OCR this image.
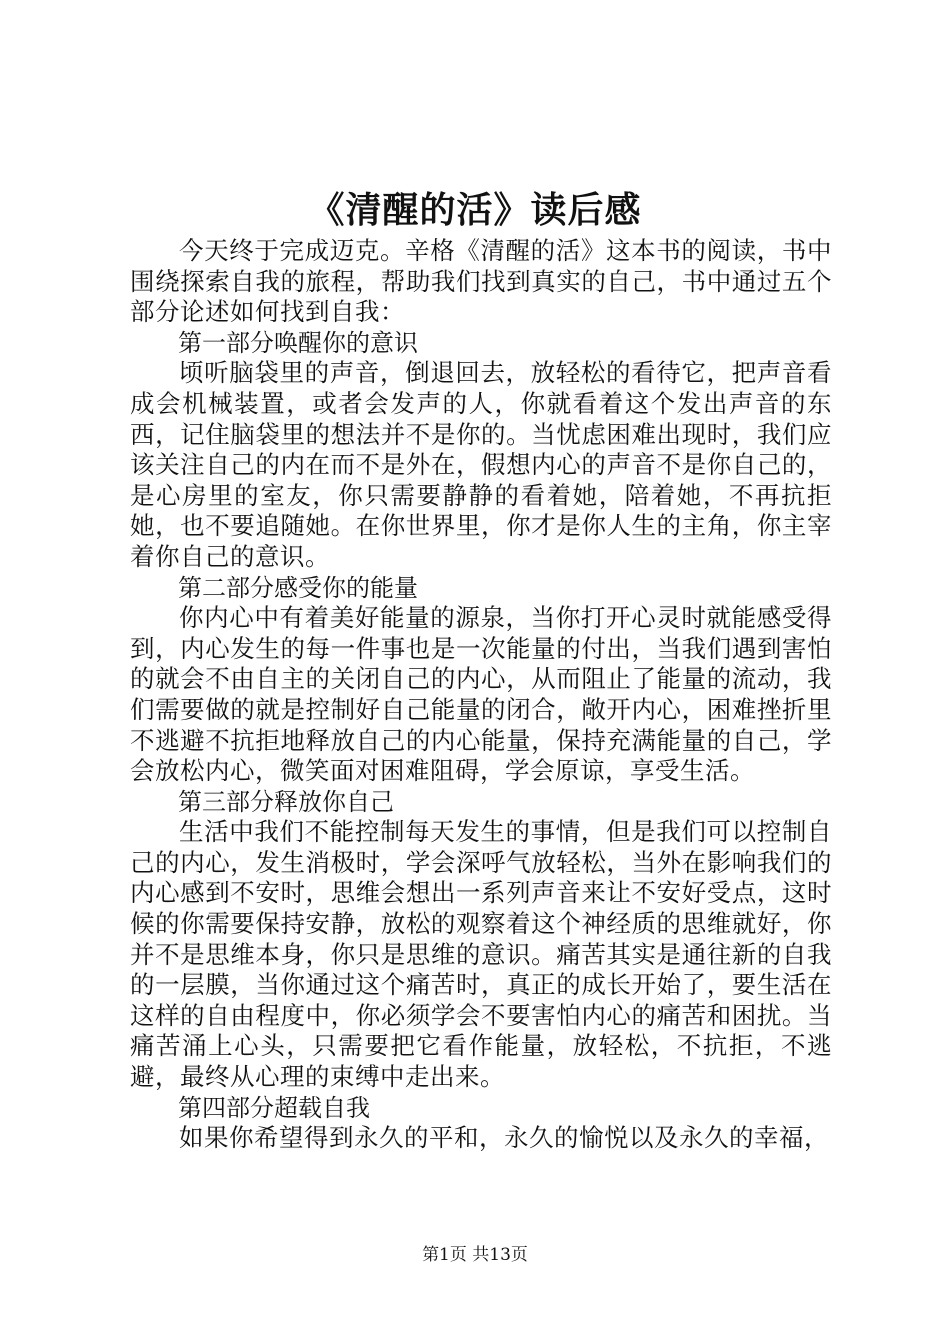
《清醒的活》读后感

今天终于完成迈克。辛格《清醒的活》这本书的阅读，书中围绕探索自我的旅程，帮助我们找到真实的自己，书中通过五个部分论述如何找到自我：

第一部分唤醒你的意识

顷听脑袋里的声音，倒退回去，放轻松的看待它，把声音看成会机械装置，或者会发声的人，你就看着这个发出声音的东西，记住脑袋里的想法并不是你的。当忧虑困难出现时，我们应该关注自己的内在而不是外在，假想内心的声音不是你自己的，是心房里的室友，你只需要静静的看着她，陪着她，不再抗拒她，也不要追随她。在你世界里，你才是你人生的主角，你主宰着你自己的意识。

第二部分感受你的能量

你内心中有着美好能量的源泉，当你打开心灵时就能感受得到，内心发生的每一件事也是一次能量的付出，当我们遇到害怕的就会不由自主的关闭自己的内心，从而阻止了能量的流动，我们需要做的就是控制好自己能量的闭合，敞开内心，困难挫折里不逃避不抗拒地释放自己的内心能量，保持充满能量的自己，学会放松内心，微笑面对困难阻碍，学会原谅，享受生活。

第三部分释放你自己

生活中我们不能控制每天发生的事情，但是我们可以控制自己的内心，发生消极时，学会深呼气放轻松，当外在影响我们的内心感到不安时，思维会想出一系列声音来让不安好受点，这时候的你需要保持安静，放松的观察着这个神经质的思维就好，你并不是思维本身，你只是思维的意识。痛苦其实是通往新的自我的一层膜，当你通过这个痛苦时，真正的成长开始了，要生活在这样的自由程度中，你必须学会不要害怕内心的痛苦和困扰。当痛苦涌上心头，只需要把它看作能量，放轻松，不抗拒，不逃避，最终从心理的束缚中走出来。

第四部分超载自我

如果你希望得到永久的平和，永久的愉悦以及永久的幸福，

第1页 共13页
